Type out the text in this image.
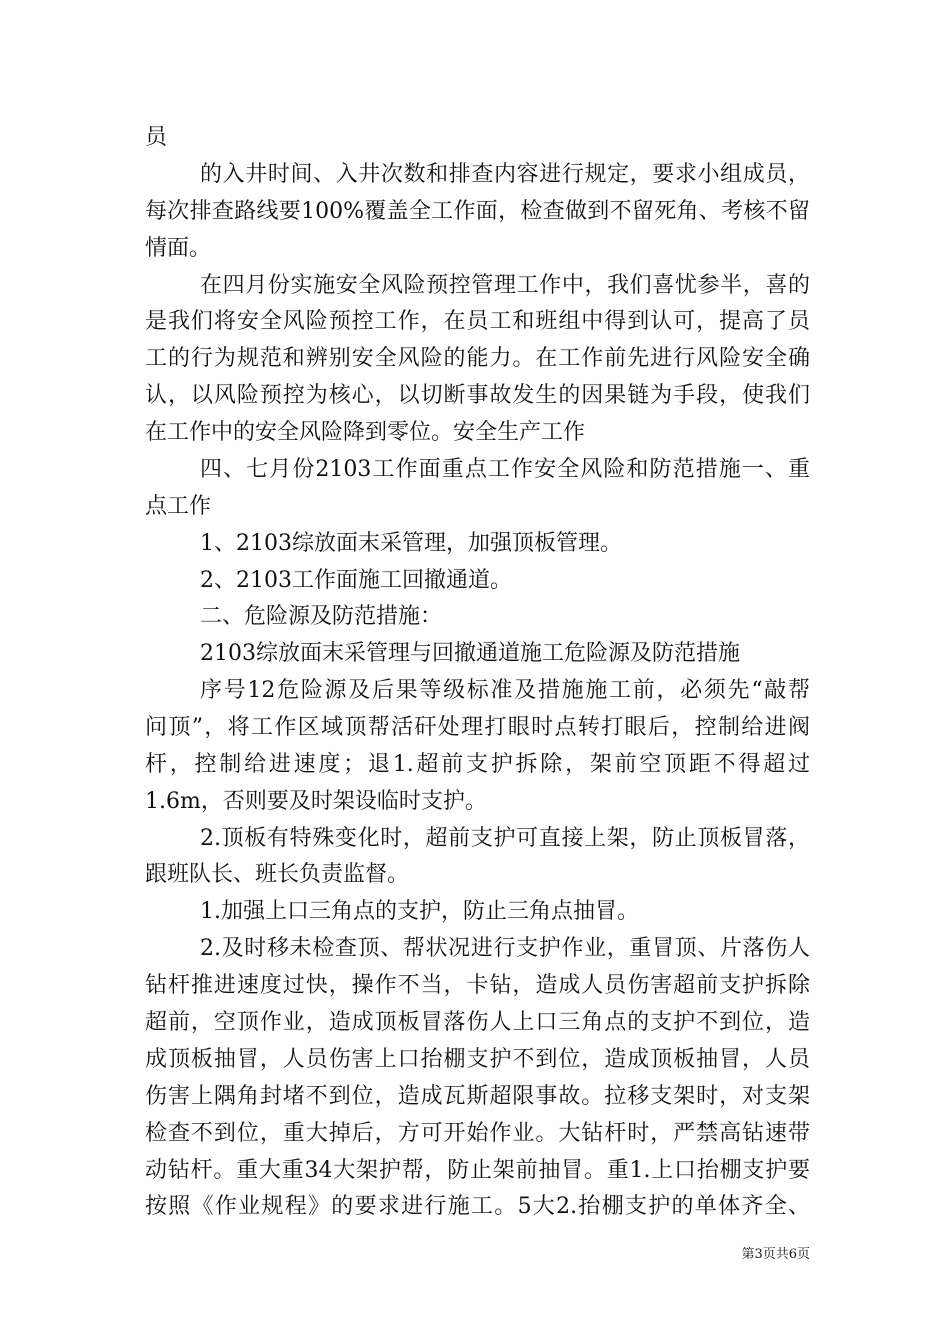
员
的入井时间、入井次数和排查内容进行规定，要求小组成员，
每次排查路线要100%覆盖全工作面，检查做到不留死角、考核不留
情面。
在四月份实施安全风险预控管理工作中，我们喜忧参半，喜的
是我们将安全风险预控工作，在员工和班组中得到认可，提高了员
工的行为规范和辨别安全风险的能力。在工作前先进行风险安全确
认，以风险预控为核心，以切断事故发生的因果链为手段，使我们
在工作中的安全风险降到零位。安全生产工作
四、七月份2103工作面重点工作安全风险和防范措施一、重
点工作
1、2103综放面末采管理，加强顶板管理。
2、2103工作面施工回撤通道。
二、危险源及防范措施：
2103综放面末采管理与回撤通道施工危险源及防范措施
序号12危险源及后果等级标准及措施施工前，必须先“敲帮
问顶”，将工作区域顶帮活矸处理打眼时点转打眼后，控制给进阀
杆，控制给进速度；退1.超前支护拆除，架前空顶距不得超过
1.6m，否则要及时架设临时支护。
2.顶板有特殊变化时，超前支护可直接上架，防止顶板冒落，
跟班队长、班长负责监督。
1.加强上口三角点的支护，防止三角点抽冒。
2.及时移未检查顶、帮状况进行支护作业，重冒顶、片落伤人
钻杆推进速度过快，操作不当，卡钻，造成人员伤害超前支护拆除
超前，空顶作业，造成顶板冒落伤人上口三角点的支护不到位，造
成顶板抽冒，人员伤害上口抬棚支护不到位，造成顶板抽冒，人员
伤害上隅角封堵不到位，造成瓦斯超限事故。拉移支架时，对支架
检查不到位，重大掉后，方可开始作业。大钻杆时，严禁高钻速带
动钻杆。重大重34大架护帮，防止架前抽冒。重1.上口抬棚支护要
按照《作业规程》的要求进行施工。5大2.抬棚支护的单体齐全、
第3页共6页
